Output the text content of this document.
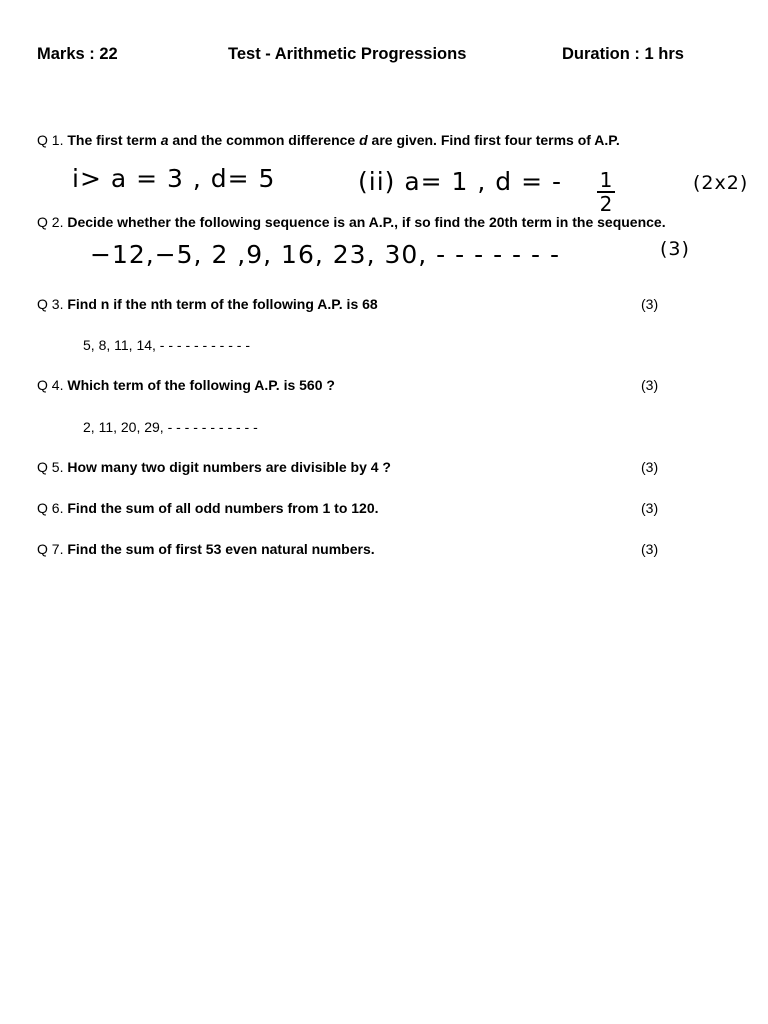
Marks : 22	Test - Arithmetic Progressions	Duration : 1 hrs
Q 1. The first term a and the common difference d are given. Find first four terms of A.P.
i> a = 3 , d= 5	(ii) a= 1 , d = -	1
2
(2x2)
Q 2. Decide whether the following sequence is an A.P., if so find the 20th term in the sequence.
−12,−5, 2 ,9, 16, 23, 30, - - - - - - -	(3)
Q 3. Find n if the nth term of the following A.P. is 68	(3)
5, 8, 11, 14, - - - - - - - - - - -
Q 4. Which term of the following A.P. is 560 ?	(3)
2, 11, 20, 29, - - - - - - - - - - -
Q 5. How many two digit numbers are divisible by 4 ?	(3)
Q 6. Find the sum of all odd numbers from 1 to 120.	(3)
Q 7. Find the sum of first 53 even natural numbers.	(3)
